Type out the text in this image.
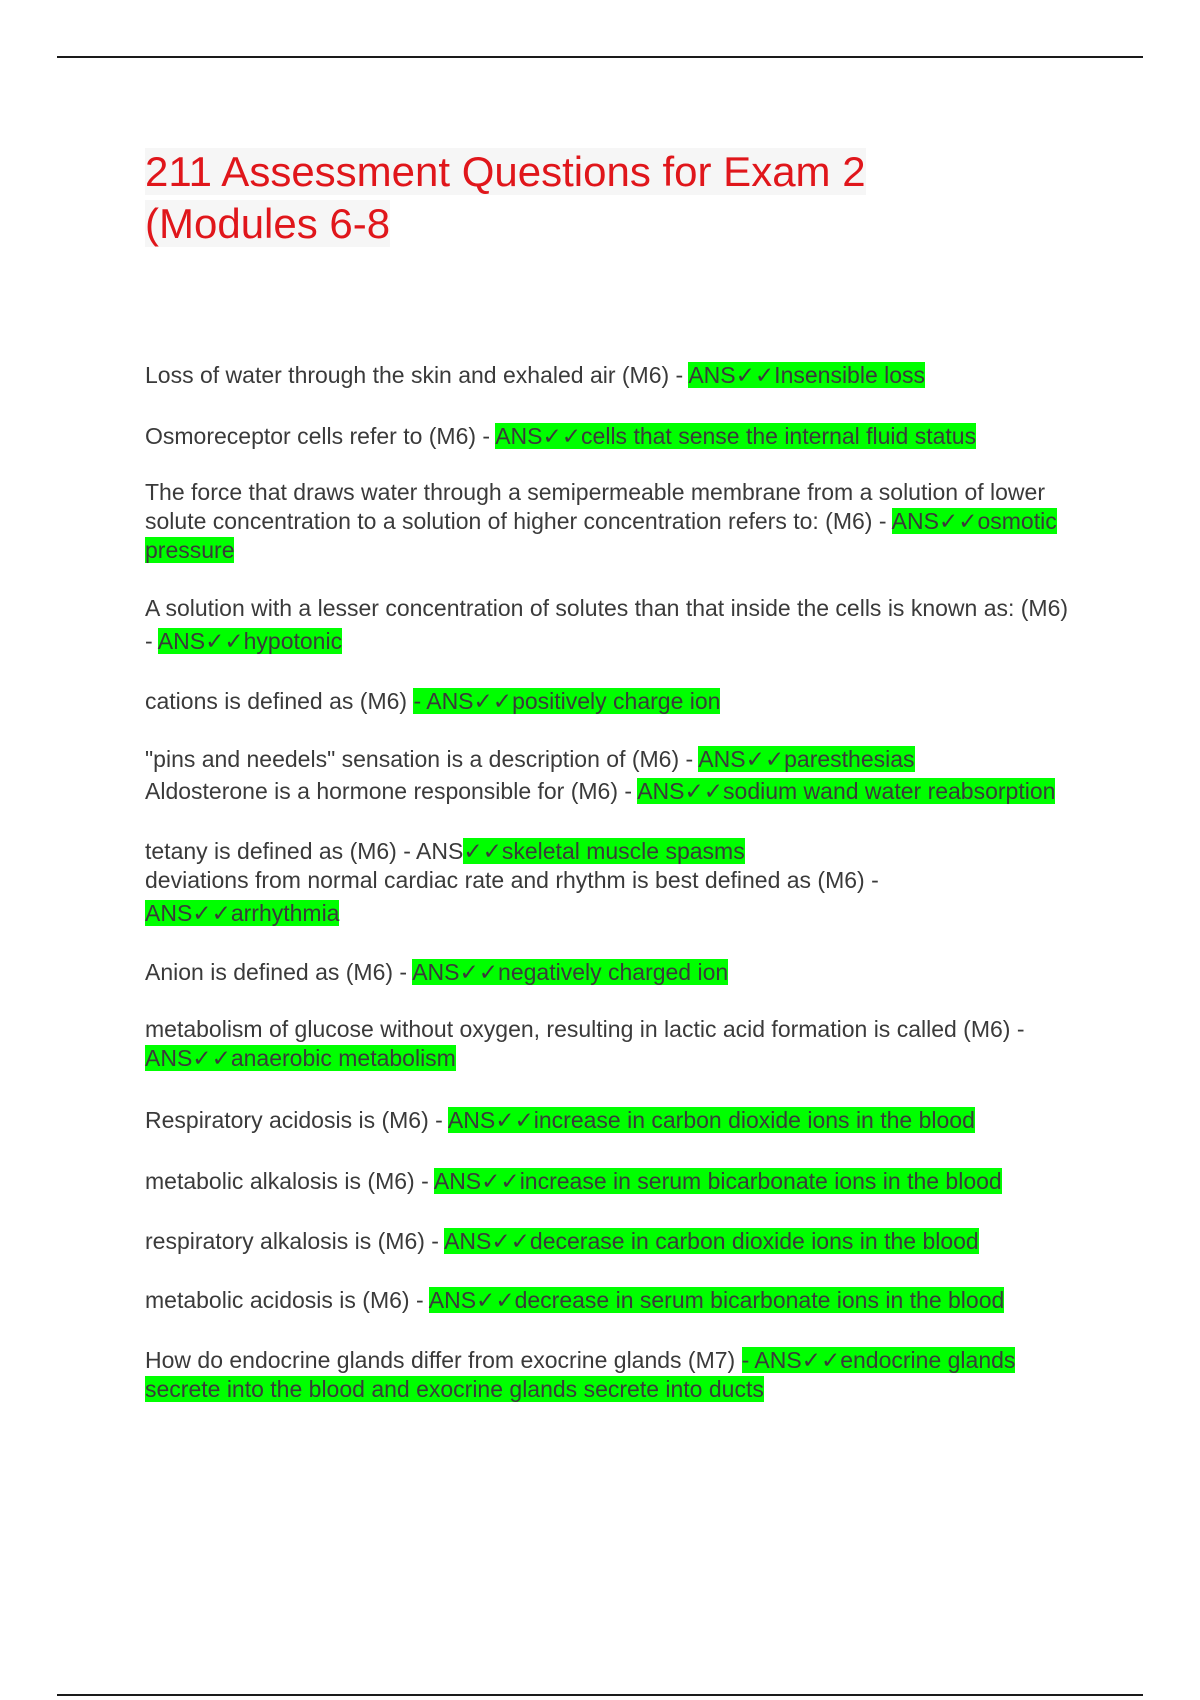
211 Assessment Questions for Exam 2 (Modules 6-8

Loss of water through the skin and exhaled air (M6) - ANS✓✓Insensible loss

Osmoreceptor cells refer to (M6) - ANS✓✓cells that sense the internal fluid status

The force that draws water through a semipermeable membrane from a solution of lower solute concentration to a solution of higher concentration refers to: (M6) - ANS✓✓osmotic pressure

A solution with a lesser concentration of solutes than that inside the cells is known as: (M6) - ANS✓✓hypotonic

cations is defined as (M6) - ANS✓✓positively charge ion

"pins and needels" sensation is a description of (M6) - ANS✓✓paresthesias

Aldosterone is a hormone responsible for (M6) - ANS✓✓sodium wand water reabsorption

tetany is defined as (M6) - ANS✓✓skeletal muscle spasms

deviations from normal cardiac rate and rhythm is best defined as (M6) - ANS✓✓arrhythmia

Anion is defined as (M6) - ANS✓✓negatively charged ion

metabolism of glucose without oxygen, resulting in lactic acid formation is called (M6) - ANS✓✓anaerobic metabolism

Respiratory acidosis is (M6) - ANS✓✓increase in carbon dioxide ions in the blood

metabolic alkalosis is (M6) - ANS✓✓increase in serum bicarbonate ions in the blood

respiratory alkalosis is (M6) - ANS✓✓decerase in carbon dioxide ions in the blood

metabolic acidosis is (M6) - ANS✓✓decrease in serum bicarbonate ions in the blood

How do endocrine glands differ from exocrine glands (M7) - ANS✓✓endocrine glands secrete into the blood and exocrine glands secrete into ducts
